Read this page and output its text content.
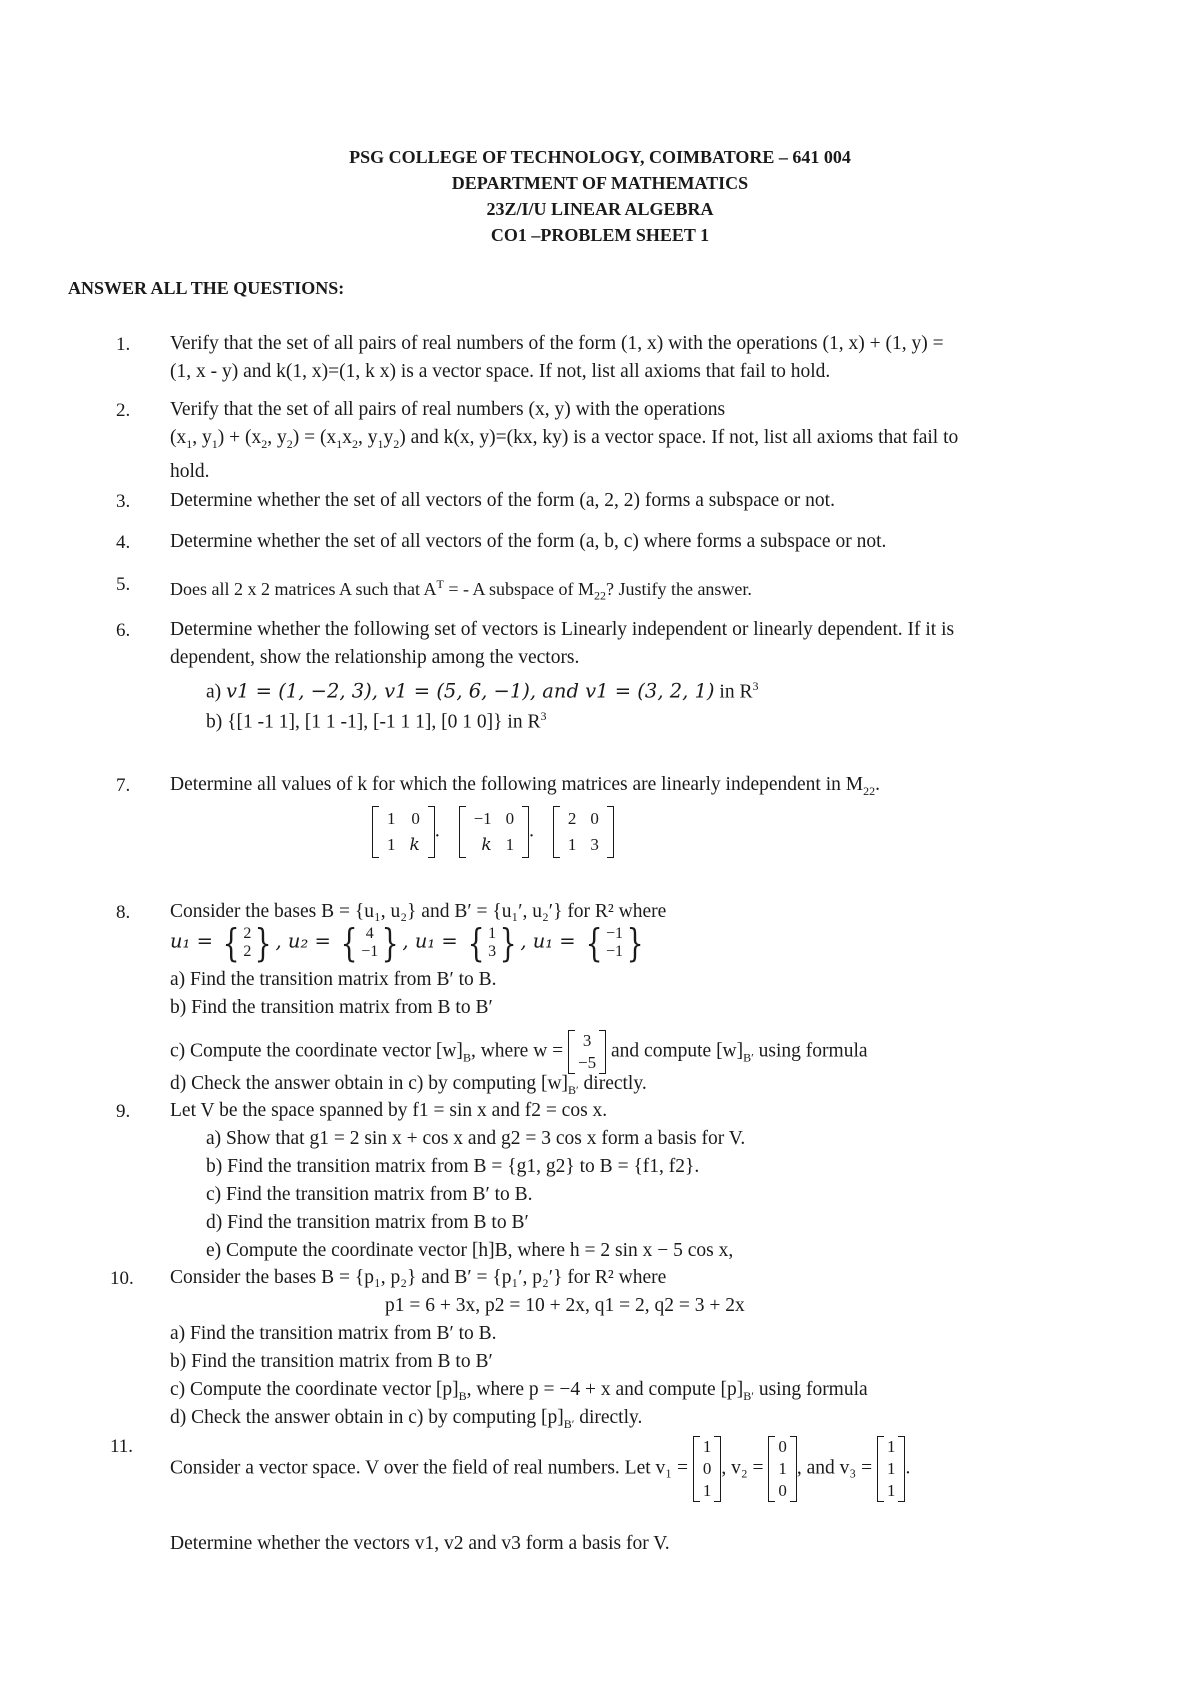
PSG COLLEGE OF TECHNOLOGY, COIMBATORE – 641 004
DEPARTMENT OF MATHEMATICS
23Z/I/U LINEAR ALGEBRA
CO1 –PROBLEM SHEET 1
ANSWER ALL THE QUESTIONS:
1. Verify that the set of all pairs of real numbers of the form (1, x) with the operations (1, x) + (1, y) =
(1, x - y) and k(1, x)=(1, k x) is a vector space. If not, list all axioms that fail to hold.
2. Verify that the set of all pairs of real numbers (x, y) with the operations
($x_1$, $y_1) + (x_2$, $y_2) = (x_1x_2$, $y_1y_2$) and k(x, y)=(kx, ky) is a vector space. If not, list all axioms that fail to
hold.
3. Determine whether the set of all vectors of the form (a, 2, 2) forms a subspace or not.
4. Determine whether the set of all vectors of the form (a, b, c) where forms a subspace or not.
5. Does all 2 x 2 matrices A such that $A^T$ = - A subspace of $M_{22}$? Justify the answer.
6. Determine whether the following set of vectors is Linearly independent or linearly dependent. If it is
dependent, show the relationship among the vectors.
a) v1 = (1, −2, 3), v1 = (5, 6, −1), and v1 = (3, 2, 1) in $R^3$
b) {[1 -1 1], [1 1 -1], [-1 1 1], [0 1 0]} in $R^3$
7. Determine all values of k for which the following matrices are linearly independent in $M_{22}$.
1	0
1	k
.
−1	0
k	1
.
2	0
1	3
8. Consider the bases B = {u₁, u₂} and B′ = {u₁′, u₂′} for R² where
u₁ = { 2
2} , u₂ = { 4
−1} , u₁ = { 1
3} , u₁ = { −1
−1}
a) Find the transition matrix from B′ to B.
b) Find the transition matrix from B to B′
c) Compute the coordinate vector $[w]_B$, where w = 3
−5
and compute $[w]_{B'}$ using formula
d) Check the answer obtain in c) by computing $[w]_{B'}$ directly.
9. Let V be the space spanned by f1 = sin x and f2 = cos x.
a) Show that g1 = 2 sin x + cos x and g2 = 3 cos x form a basis for V.
b) Find the transition matrix from B = {g1, g2} to B = {f1, f2}.
c) Find the transition matrix from B′ to B.
d) Find the transition matrix from B to B′
e) Compute the coordinate vector [h]B, where h = 2 sin x − 5 cos x,
10. Consider the bases B = {p₁, p₂} and B′ = {p₁′, p₂′} for R² where
p1 = 6 + 3x, p2 = 10 + 2x, q1 = 2, q2 = 3 + 2x
a) Find the transition matrix from B′ to B.
b) Find the transition matrix from B to B′
c) Compute the coordinate vector $[p]_B$, where p = −4 + x and compute $[p]_{B'}$ using formula
d) Check the answer obtain in c) by computing $[p]_{B'}$ directly.
11.
Consider a vector space. V over the field of real numbers. Let v₁ =
1
0
1
, v₂ =
0
1
0
, and v₃ =
1
1
1
.
Determine whether the vectors v1, v2 and v3 form a basis for V.
